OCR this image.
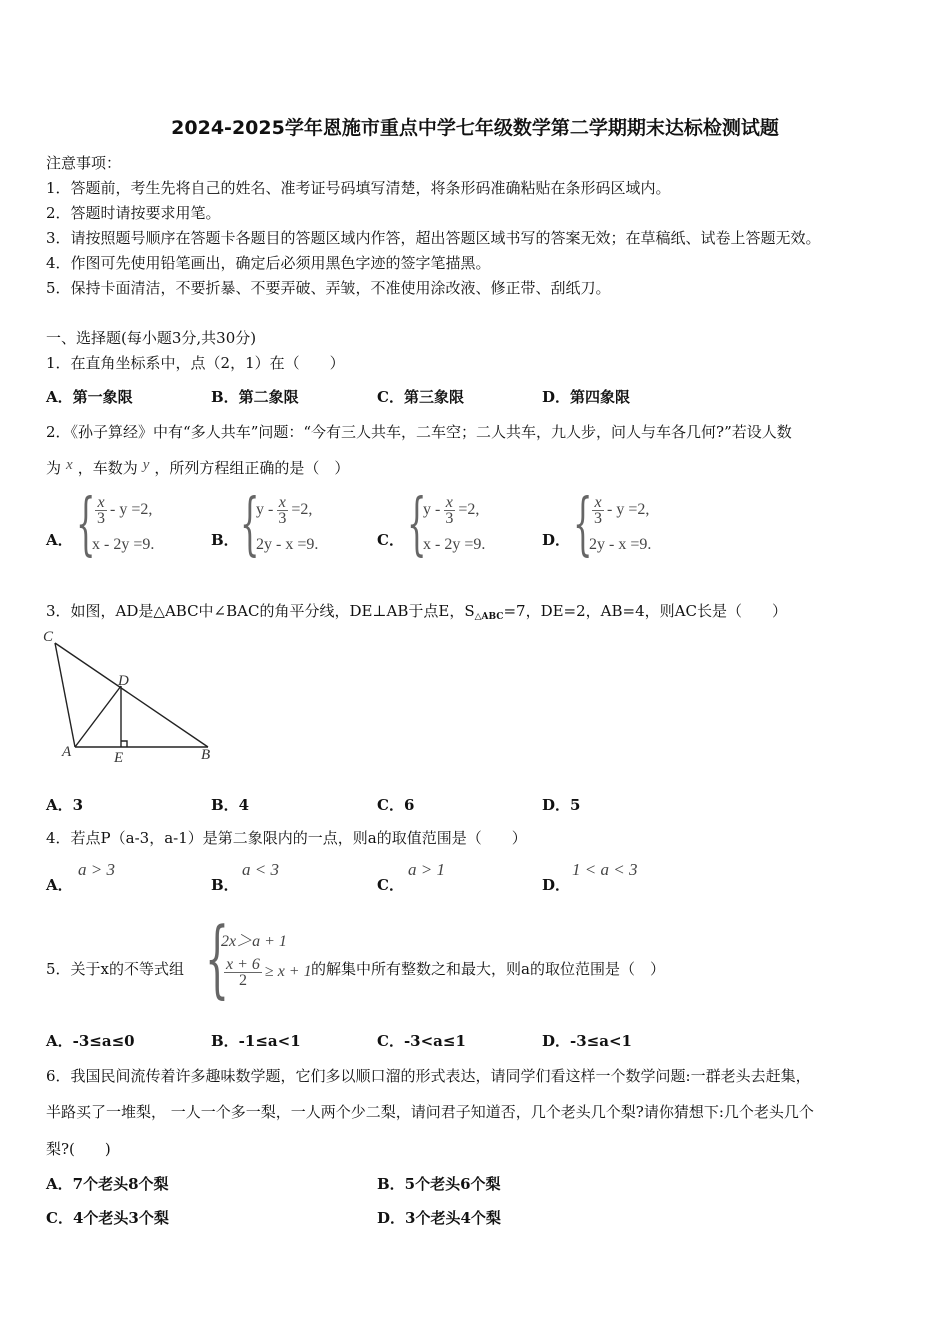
2024-2025学年恩施市重点中学七年级数学第二学期期末达标检测试题
注意事项：
1．答题前，考生先将自己的姓名、准考证号码填写清楚，将条形码准确粘贴在条形码区域内。
2．答题时请按要求用笔。
3．请按照题号顺序在答题卡各题目的答题区域内作答，超出答题区域书写的答案无效；在草稿纸、试卷上答题无效。
4．作图可先使用铅笔画出，确定后必须用黑色字迹的签字笔描黑。
5．保持卡面清洁，不要折暴、不要弄破、弄皱，不准使用涂改液、修正带、刮纸刀。
一、选择题(每小题3分,共30分)
1．在直角坐标系中，点（2，1）在（　　）
A．第一象限	B．第二象限	C．第三象限	D．第四象限
2．《孙子算经》中有“多人共车”问题：“今有三人共车，二车空；二人共车，九人步，问人与车各几何?”若设人数
为 x ，车数为 y ，所列方程组正确的是（　）
A． { $\frac{x}{3} - y =2$,
x - 2y =9.	B． {
$y - \frac{x}{3} =2$,
2y - x =9.	C． {
$y - \frac{x}{3} =2$,
x - 2y =9.	D． { $\frac{x}{3} - y =2$,
2y - x =9.
3．如图，AD是△ABC中∠BAC的角平分线，DE⊥AB于点E，$S_{\triangle ABC}=7$，DE=2，AB=4，则AC长是（　　）
C
D
A	E	B
A．3	B．4	C．6	D．5
4．若点P（a-3，a-1）是第二象限内的一点，则a的取值范围是（　　）
A．
a > 3
B．
a < 3
C．
a > 1
D．
1 < a < 3
5．关于x的不等式组 {
2x＞a + 1
$\frac{x + 6}{2} \ge x + 1$ 的解集中所有整数之和最大，则a的取位范围是（　）
A．-3≤a≤0	B．-1≤a<1	C．-3<a≤1	D．-3≤a<1
6．我国民间流传着许多趣味数学题，它们多以顺口溜的形式表达，请同学们看这样一个数学问题:一群老头去赶集，
半路买了一堆梨， 一人一个多一梨，一人两个少二梨，请问君子知道否，几个老头几个梨?请你猜想下:几个老头几个
梨?(　　)
A．7个老头8个梨	B．5个老头6个梨
C．4个老头3个梨	D．3个老头4个梨
